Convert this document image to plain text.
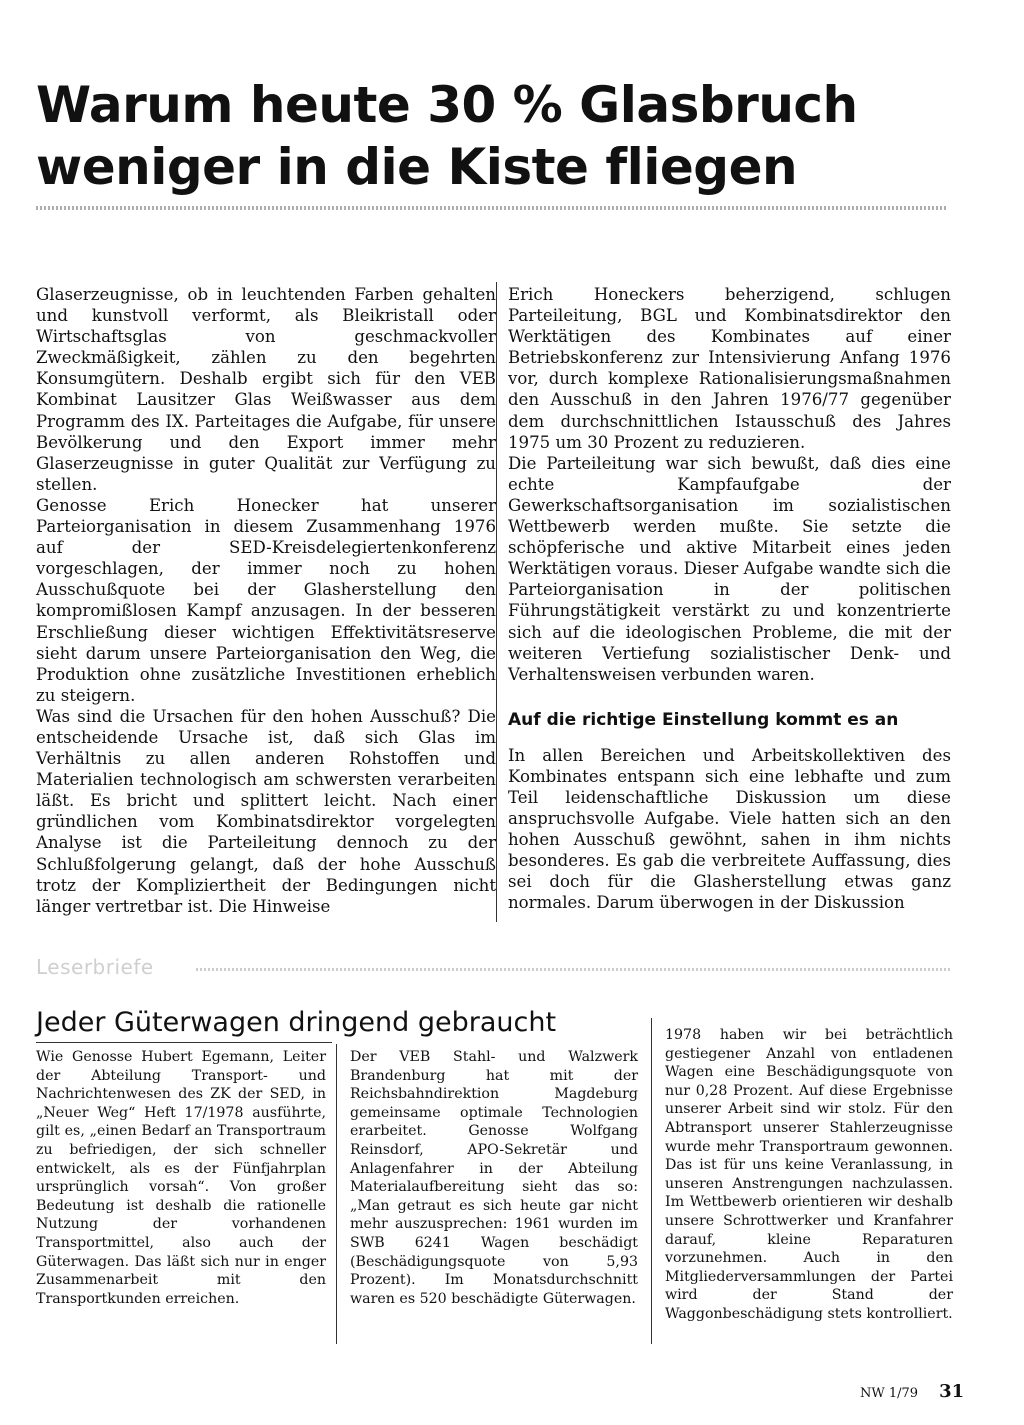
Warum heute 30 % Glasbruch
weniger in die Kiste fliegen

Glaserzeugnisse, ob in leuchtenden Farben gehalten und kunstvoll verformt, als Bleikristall oder Wirtschaftsglas von geschmackvoller Zweckmäßigkeit, zählen zu den begehrten Konsumgütern. Deshalb ergibt sich für den VEB Kombinat Lausitzer Glas Weißwasser aus dem Programm des IX. Parteitages die Aufgabe, für unsere Bevölkerung und den Export immer mehr Glaserzeugnisse in guter Qualität zur Verfügung zu stellen.

Genosse Erich Honecker hat unserer Parteiorganisation in diesem Zusammenhang 1976 auf der SED-Kreisdelegiertenkonferenz vorgeschlagen, der immer noch zu hohen Ausschußquote bei der Glasherstellung den kompromißlosen Kampf anzusagen. In der besseren Erschließung dieser wichtigen Effektivitätsreserve sieht darum unsere Parteiorganisation den Weg, die Produktion ohne zusätzliche Investitionen erheblich zu steigern.

Was sind die Ursachen für den hohen Ausschuß? Die entscheidende Ursache ist, daß sich Glas im Verhältnis zu allen anderen Rohstoffen und Materialien technologisch am schwersten verarbeiten läßt. Es bricht und splittert leicht. Nach einer gründlichen vom Kombinatsdirektor vorgelegten Analyse ist die Parteileitung dennoch zu der Schlußfolgerung gelangt, daß der hohe Ausschuß trotz der Kompliziertheit der Bedingungen nicht länger vertretbar ist. Die Hinweise

Erich Honeckers beherzigend, schlugen Parteileitung, BGL und Kombinatsdirektor den Werktätigen des Kombinates auf einer Betriebskonferenz zur Intensivierung Anfang 1976 vor, durch komplexe Rationalisierungsmaßnahmen den Ausschuß in den Jahren 1976/77 gegenüber dem durchschnittlichen Istausschuß des Jahres 1975 um 30 Prozent zu reduzieren.

Die Parteileitung war sich bewußt, daß dies eine echte Kampfaufgabe der Gewerkschaftsorganisation im sozialistischen Wettbewerb werden mußte. Sie setzte die schöpferische und aktive Mitarbeit eines jeden Werktätigen voraus. Dieser Aufgabe wandte sich die Parteiorganisation in der politischen Führungstätigkeit verstärkt zu und konzentrierte sich auf die ideologischen Probleme, die mit der weiteren Vertiefung sozialistischer Denk- und Verhaltensweisen verbunden waren.

Auf die richtige Einstellung kommt es an

In allen Bereichen und Arbeitskollektiven des Kombinates entspann sich eine lebhafte und zum Teil leidenschaftliche Diskussion um diese anspruchsvolle Aufgabe. Viele hatten sich an den hohen Ausschuß gewöhnt, sahen in ihm nichts besonderes. Es gab die verbreitete Auffassung, dies sei doch für die Glasherstellung etwas ganz normales. Darum überwogen in der Diskussion

Leserbriefe
Jeder Güterwagen dringend gebraucht

Wie Genosse Hubert Egemann, Leiter der Abteilung Transport- und Nachrichtenwesen des ZK der SED, in „Neuer Weg“ Heft 17/1978 ausführte, gilt es, „einen Bedarf an Transportraum zu befriedigen, der sich schneller entwickelt, als es der Fünfjahrplan ursprünglich vorsah“. Von großer Bedeutung ist deshalb die rationelle Nutzung der vorhandenen Transportmittel, also auch der Güterwagen. Das läßt sich nur in enger Zusammenarbeit mit den Transportkunden erreichen.

Der VEB Stahl- und Walzwerk Brandenburg hat mit der Reichsbahndirektion Magdeburg gemeinsame optimale Technologien erarbeitet. Genosse Wolfgang Reinsdorf, APO-Sekretär und Anlagenfahrer in der Abteilung Materialaufbereitung sieht das so: „Man getraut es sich heute gar nicht mehr auszusprechen: 1961 wurden im SWB 6241 Wagen beschädigt (Beschädigungsquote von 5,93 Prozent). Im Monatsdurchschnitt waren es 520 beschädigte Güterwagen.

1978 haben wir bei beträchtlich gestiegener Anzahl von entladenen Wagen eine Beschädigungsquote von nur 0,28 Prozent. Auf diese Ergebnisse unserer Arbeit sind wir stolz. Für den Abtransport unserer Stahlerzeugnisse wurde mehr Transportraum gewonnen. Das ist für uns keine Veranlassung, in unseren Anstrengungen nachzulassen. Im Wettbewerb orientieren wir deshalb unsere Schrottwerker und Kranfahrer darauf, kleine Reparaturen vorzunehmen. Auch in den Mitgliederversammlungen der Partei wird der Stand der Waggonbeschädigung stets kontrolliert.

NW 1/79 31
